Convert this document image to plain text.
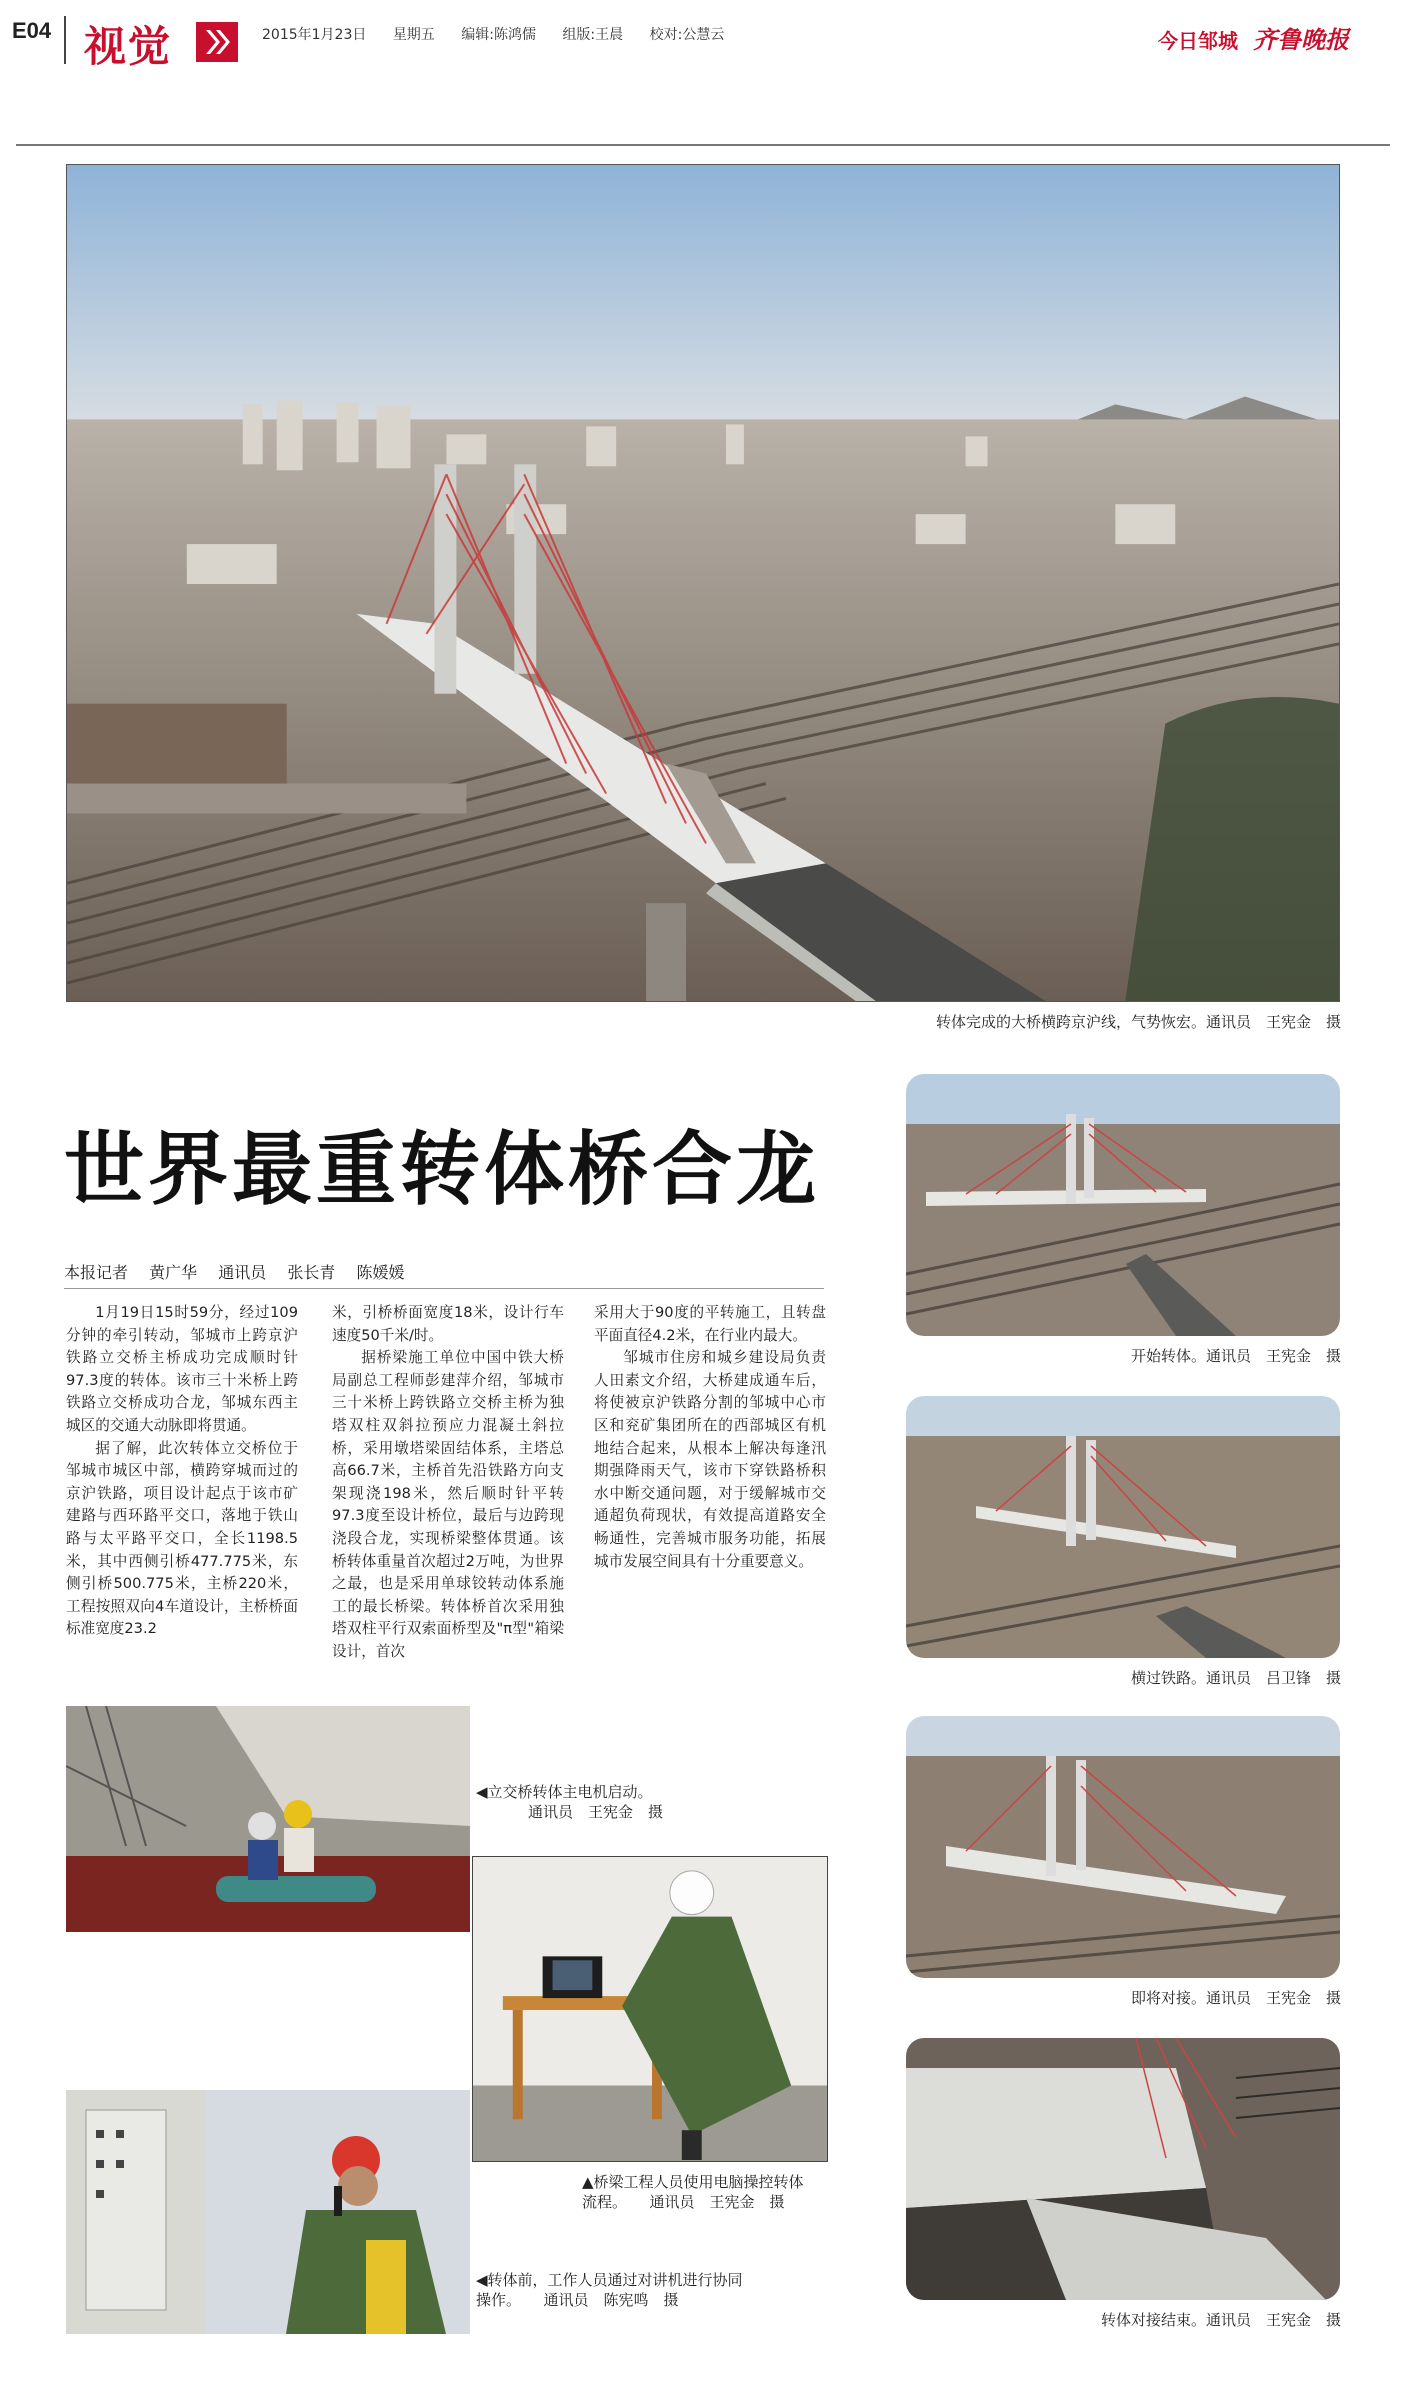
E04 视觉	2015年1月23日 星期五 编辑:陈鸿儒 组版:王晨 校对:公慧云	今日邹城 齐鲁晚报
转体完成的大桥横跨京沪线，气势恢宏。通讯员　王宪金　摄
世界最重转体桥合龙
本报记者 黄广华 通讯员 张长青 陈媛媛

1月19日15时59分，经过109分钟的牵引转动，邹城市上跨京沪铁路立交桥主桥成功完成顺时针97.3度的转体。该市三十米桥上跨铁路立交桥成功合龙，邹城东西主城区的交通大动脉即将贯通。

据了解，此次转体立交桥位于邹城市城区中部，横跨穿城而过的京沪铁路，项目设计起点于该市矿建路与西环路平交口，落地于铁山路与太平路平交口，全长1198.5米，其中西侧引桥477.775米，东侧引桥500.775米，主桥220米，工程按照双向4车道设计，主桥桥面标准宽度23.2

米，引桥桥面宽度18米，设计行车速度50千米/时。

据桥梁施工单位中国中铁大桥局副总工程师彭建萍介绍，邹城市三十米桥上跨铁路立交桥主桥为独塔双柱双斜拉预应力混凝土斜拉桥，采用墩塔梁固结体系，主塔总高66.7米，主桥首先沿铁路方向支架现浇198米，然后顺时针平转97.3度至设计桥位，最后与边跨现浇段合龙，实现桥梁整体贯通。该桥转体重量首次超过2万吨，为世界之最，也是采用单球铰转动体系施工的最长桥梁。转体桥首次采用独塔双柱平行双索面桥型及"π型"箱梁设计，首次

采用大于90度的平转施工，且转盘平面直径4.2米，在行业内最大。

邹城市住房和城乡建设局负责人田素文介绍，大桥建成通车后，将使被京沪铁路分割的邹城中心市区和兖矿集团所在的西部城区有机地结合起来，从根本上解决每逢汛期强降雨天气，该市下穿铁路桥积水中断交通问题，对于缓解城市交通超负荷现状，有效提高道路安全畅通性，完善城市服务功能，拓展城市发展空间具有十分重要意义。

开始转体。通讯员　王宪金　摄
横过铁路。通讯员　吕卫锋　摄
即将对接。通讯员　王宪金　摄
转体对接结束。通讯员　王宪金　摄
◀立交桥转体主电机启动。
通讯员　王宪金　摄
▲桥梁工程人员使用电脑操控转体
流程。　　通讯员　王宪金　摄
◀转体前，工作人员通过对讲机进行协同
操作。　　通讯员　陈宪鸣　摄
